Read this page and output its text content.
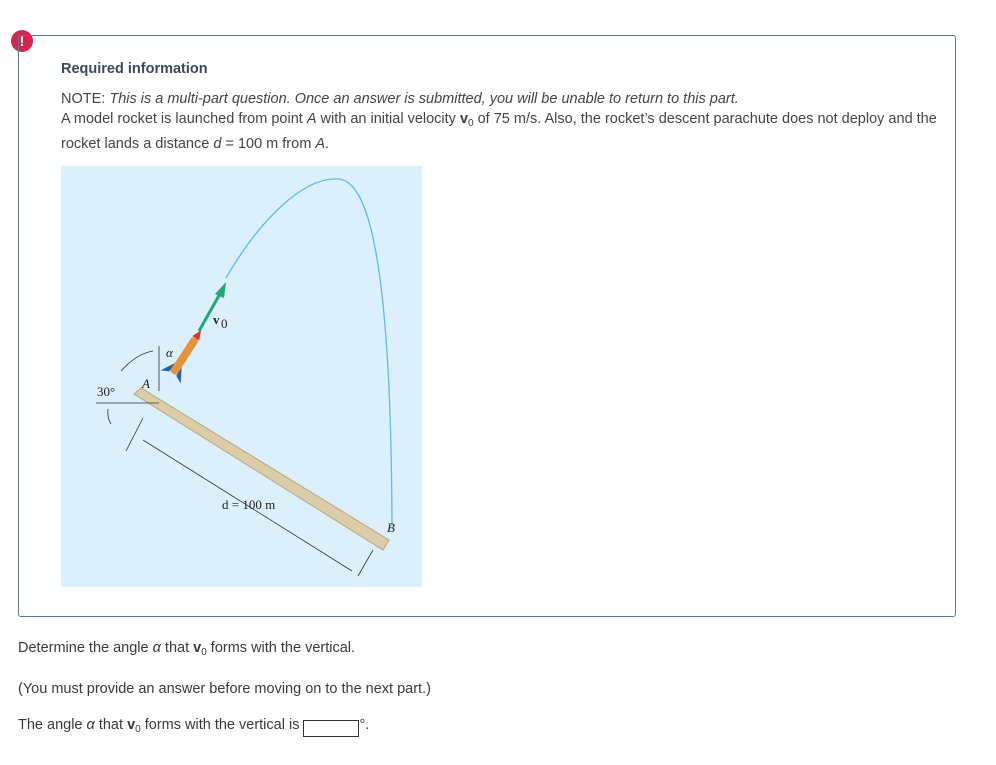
!
Required information
NOTE: This is a multi-part question. Once an answer is submitted, you will be unable to return to this part.
A model rocket is launched from point A with an initial velocity $v_0$ of 75 m/s. Also, the rocket’s descent parachute does not deploy and the rocket lands a distance d = 100 m from A.
30°
α
A
B
v 0
d = 100 m
Determine the angle α that $v_0$ forms with the vertical.
(You must provide an answer before moving on to the next part.)
The angle α that $v_0$ forms with the vertical is	°.
